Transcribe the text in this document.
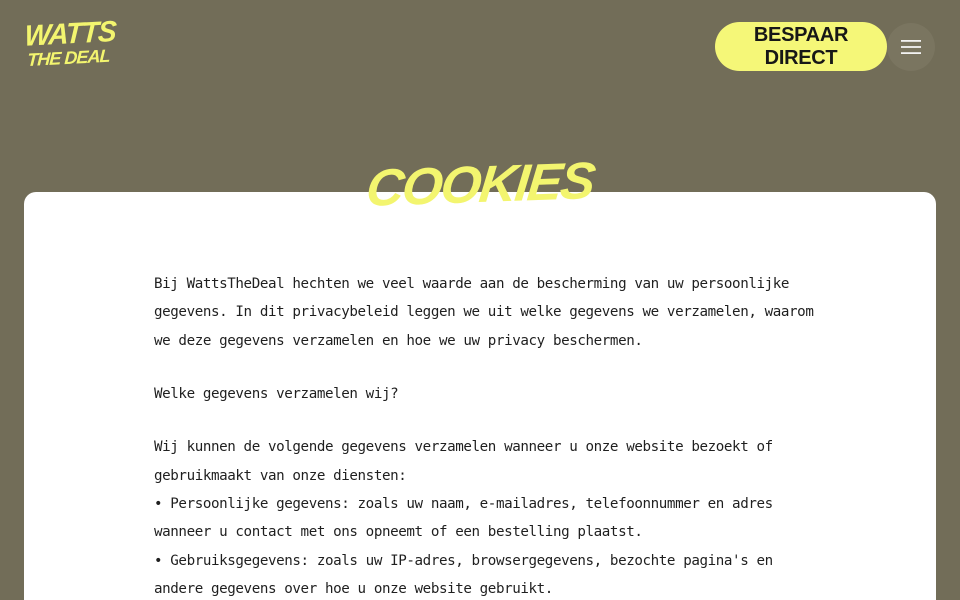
WATTS
THE DEAL
BESPAAR DIRECT
COOKIES

Bij WattsTheDeal hechten we veel waarde aan de bescherming van uw persoonlijke gegevens. In dit privacybeleid leggen we uit welke gegevens we verzamelen, waarom we deze gegevens verzamelen en hoe we uw privacy beschermen.

Welke gegevens verzamelen wij?

Wij kunnen de volgende gegevens verzamelen wanneer u onze website bezoekt of gebruikmaakt van onze diensten:

• Persoonlijke gegevens: zoals uw naam, e-mailadres, telefoonnummer en adres wanneer u contact met ons opneemt of een bestelling plaatst.

• Gebruiksgegevens: zoals uw IP-adres, browsergegevens, bezochte pagina's en andere gegevens over hoe u onze website gebruikt.
